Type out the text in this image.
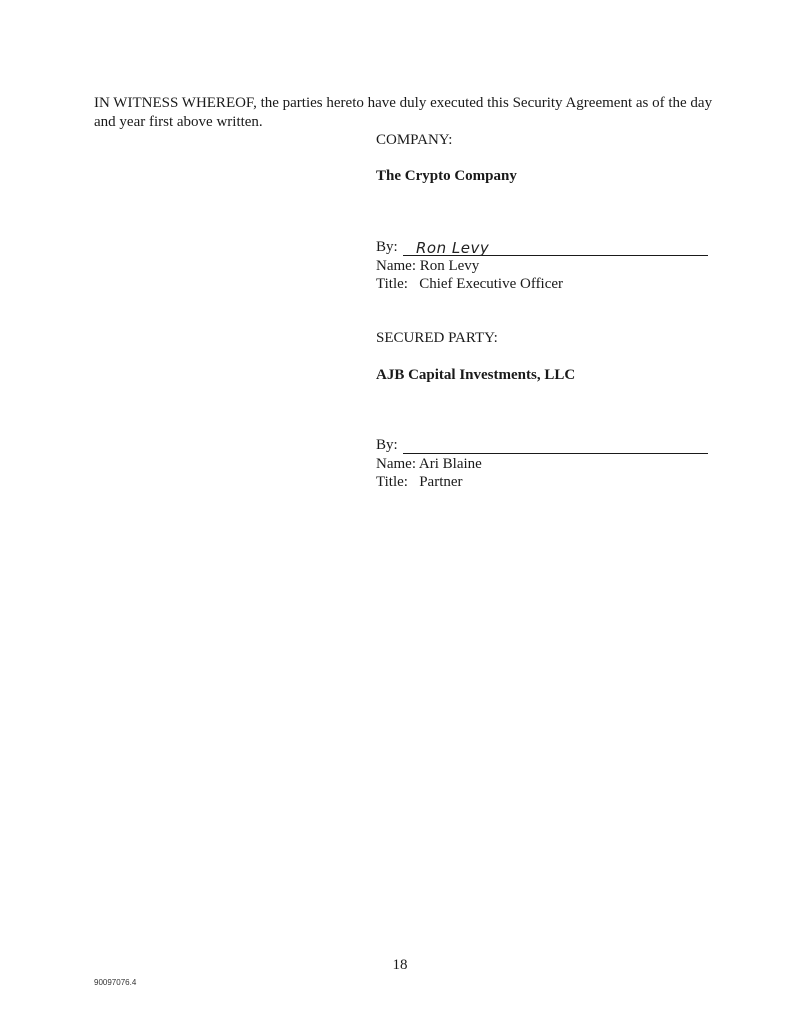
IN WITNESS WHEREOF, the parties hereto have duly executed this Security Agreement as of the day and year first above written.

COMPANY:
The Crypto Company
By: Ron Levy
Name: Ron Levy
Title:   Chief Executive Officer
SECURED PARTY:
AJB Capital Investments, LLC
By:
Name: Ari Blaine
Title:   Partner
18
90097076.4
